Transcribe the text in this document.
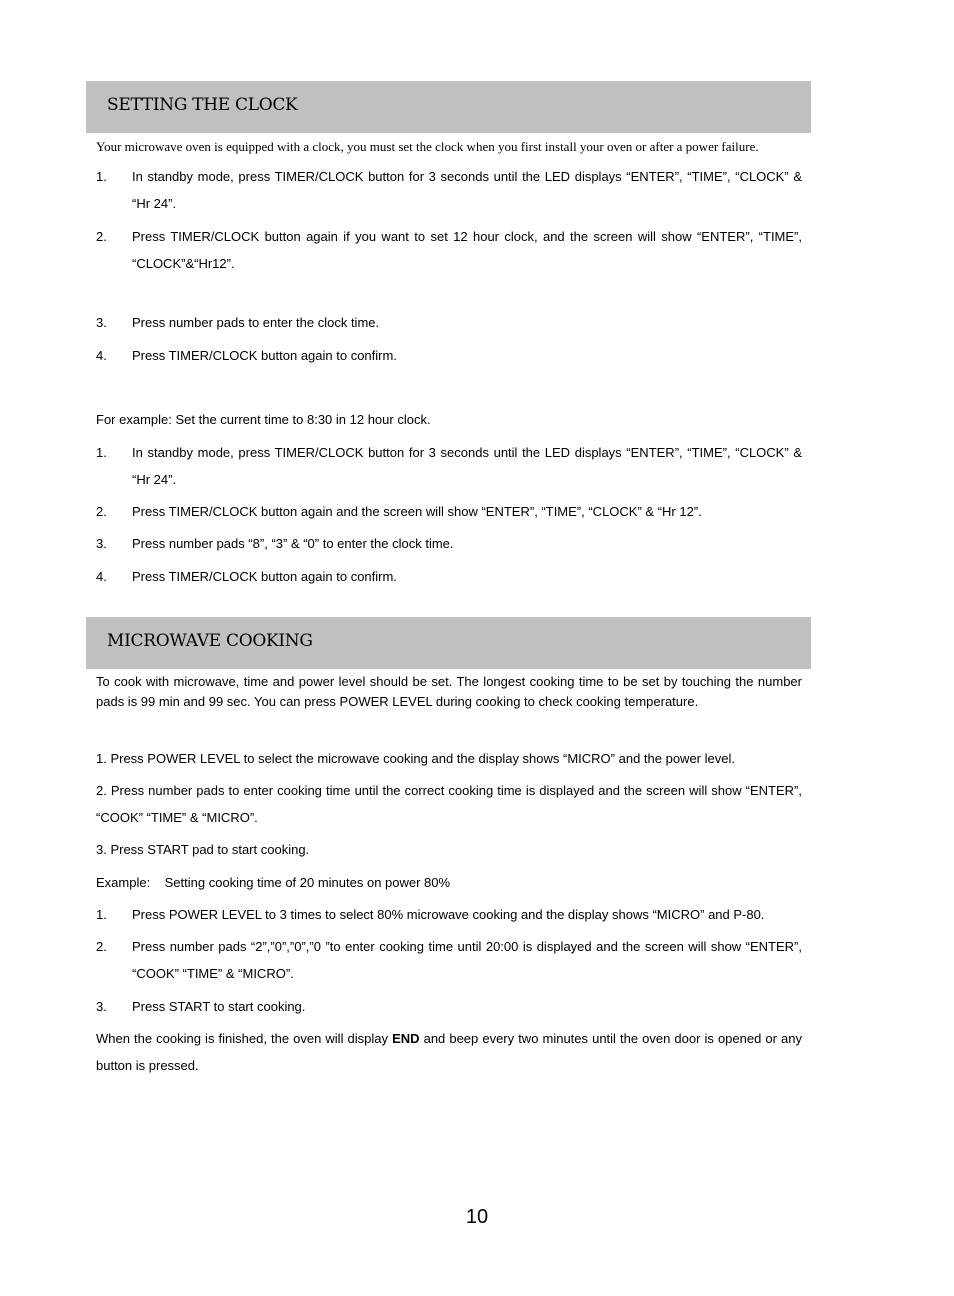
SETTING THE CLOCK
Your microwave oven is equipped with a clock, you must set the clock when you first install your oven or after a power failure.
1. In standby mode, press TIMER/CLOCK button for 3 seconds until the LED displays “ENTER”, “TIME”, “CLOCK” & “Hr 24”.
2. Press TIMER/CLOCK button again if you want to set 12 hour clock, and the screen will show “ENTER”, “TIME”, “CLOCK”&“Hr12”.
3. Press number pads to enter the clock time.
4. Press TIMER/CLOCK button again to confirm.
For example: Set the current time to 8:30 in 12 hour clock.
1. In standby mode, press TIMER/CLOCK button for 3 seconds until the LED displays “ENTER”, “TIME”, “CLOCK” & “Hr 24”.
2. Press TIMER/CLOCK button again and the screen will show “ENTER”, “TIME”, “CLOCK” & “Hr 12”.
3. Press number pads “8”, “3” & “0” to enter the clock time.
4. Press TIMER/CLOCK button again to confirm.
MICROWAVE COOKING
To cook with microwave, time and power level should be set. The longest cooking time to be set by touching the number pads is 99 min and 99 sec. You can press POWER LEVEL during cooking to check cooking temperature.
1. Press POWER LEVEL to select the microwave cooking and the display shows “MICRO” and the power level.
2. Press number pads to enter cooking time until the correct cooking time is displayed and the screen will show “ENTER”, “COOK” “TIME” & “MICRO”.
3. Press START pad to start cooking.
Example:    Setting cooking time of 20 minutes on power 80%
1. Press POWER LEVEL to 3 times to select 80% microwave cooking and the display shows “MICRO” and P-80.
2. Press number pads “2”,”0”,”0”,”0 ”to enter cooking time until 20:00 is displayed and the screen will show “ENTER”, “COOK” “TIME” & “MICRO”.
3. Press START to start cooking.
When the cooking is finished, the oven will display END and beep every two minutes until the oven door is opened or any button is pressed.
10
